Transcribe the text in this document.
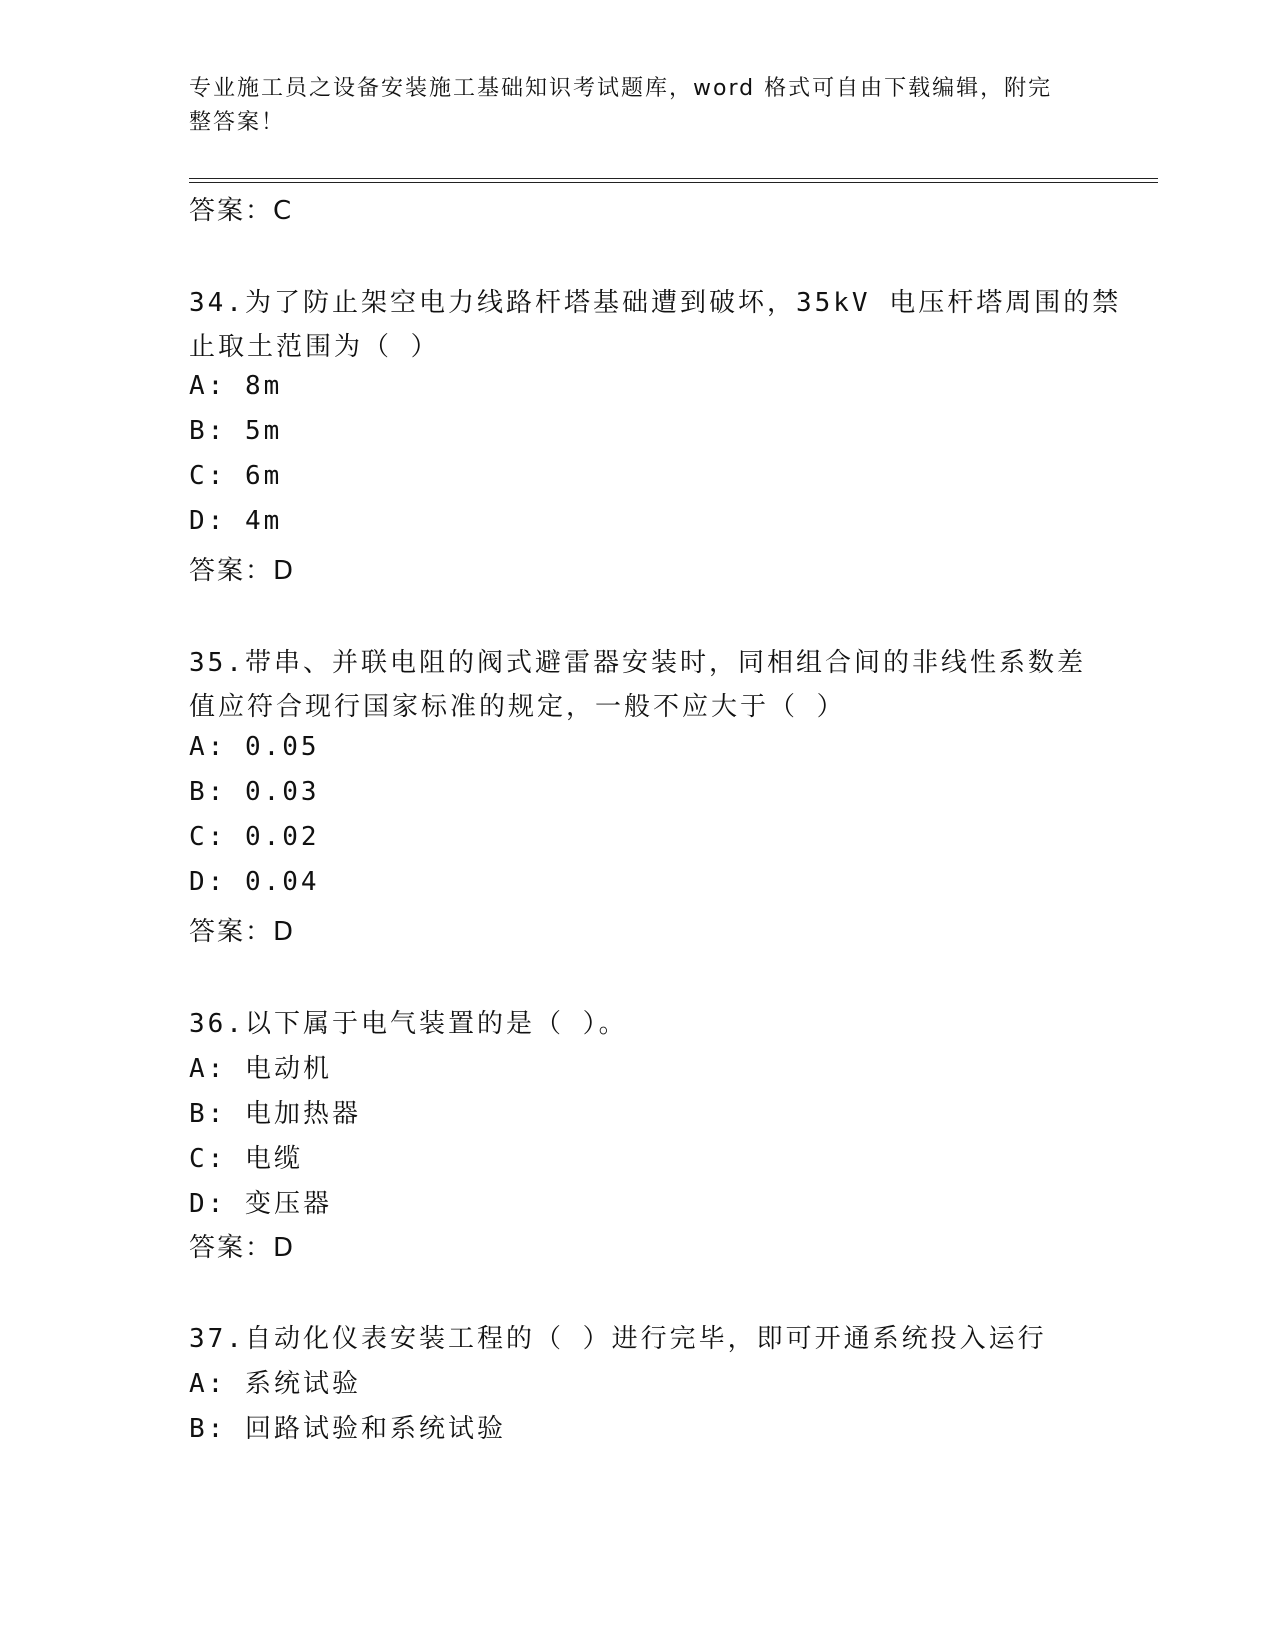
专业施工员之设备安装施工基础知识考试题库，word 格式可自由下载编辑，附完
整答案！
答案：C
34.为了防止架空电力线路杆塔基础遭到破坏，35kV 电压杆塔周围的禁
止取土范围为（ ）
A: 8m
B: 5m
C: 6m
D: 4m
答案：D
35.带串、并联电阻的阀式避雷器安装时，同相组合间的非线性系数差
值应符合现行国家标准的规定，一般不应大于（ ）
A: 0.05
B: 0.03
C: 0.02
D: 0.04
答案：D
36.以下属于电气装置的是（ ）。
A: 电动机
B: 电加热器
C: 电缆
D: 变压器
答案：D
37.自动化仪表安装工程的（ ）进行完毕，即可开通系统投入运行
A: 系统试验
B: 回路试验和系统试验
